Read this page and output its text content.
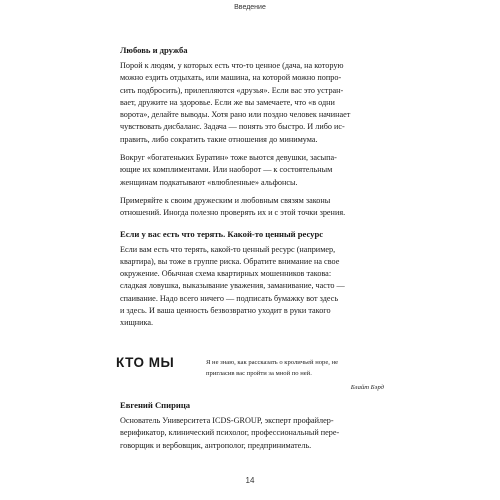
Введение

Любовь и дружба

Порой к людям, у которых есть что-то ценное (дача, на которую
можно ездить отдыхать, или машина, на которой можно попро-
сить подбросить), прилепляются «друзья». Если вас это устран-
вает, дружите на здоровье. Если же вы замечаете, что «в одни
ворота», делайте выводы. Хотя рано или поздно человек начинает
чувствовать дисбаланс. Задача — понять это быстро. И либо ис-
править, либо сократить такие отношения до минимума.

Вокруг «богатеньких Буратин» тоже вьются девушки, засыпа-
ющие их комплиментами. Или наоборот — к состоятельным
женщинам подкатывают «влюбленные» альфонсы.

Примеряйте к своим дружеским и любовным связям законы
отношений. Иногда полезно проверять их и с этой точки зрения.

Если у вас есть что терять. Какой-то ценный ресурс

Если вам есть что терять, какой-то ценный ресурс (например,
квартира), вы тоже в группе риска. Обратите внимание на свое
окружение. Обычная схема квартирных мошенников такова:
сладкая ловушка, выказывание уважения, заманивание, часто —
спаивание. Надо всего ничего — подписать бумажку вот здесь
и здесь. И ваша ценность безвозвратно уходит в руки такого
хищника.

КТО МЫ	Я не знаю, как рассказать о кроличьей норе, не
пригласив вас пройти за мной по ней.
Блайт Бэрд

Евгений Спирица

Основатель Университета ICDS-GROUP, эксперт профайлер-
верификатор, клинический психолог, профессиональный пере-
говорщик и вербовщик, антрополог, предприниматель.

14
